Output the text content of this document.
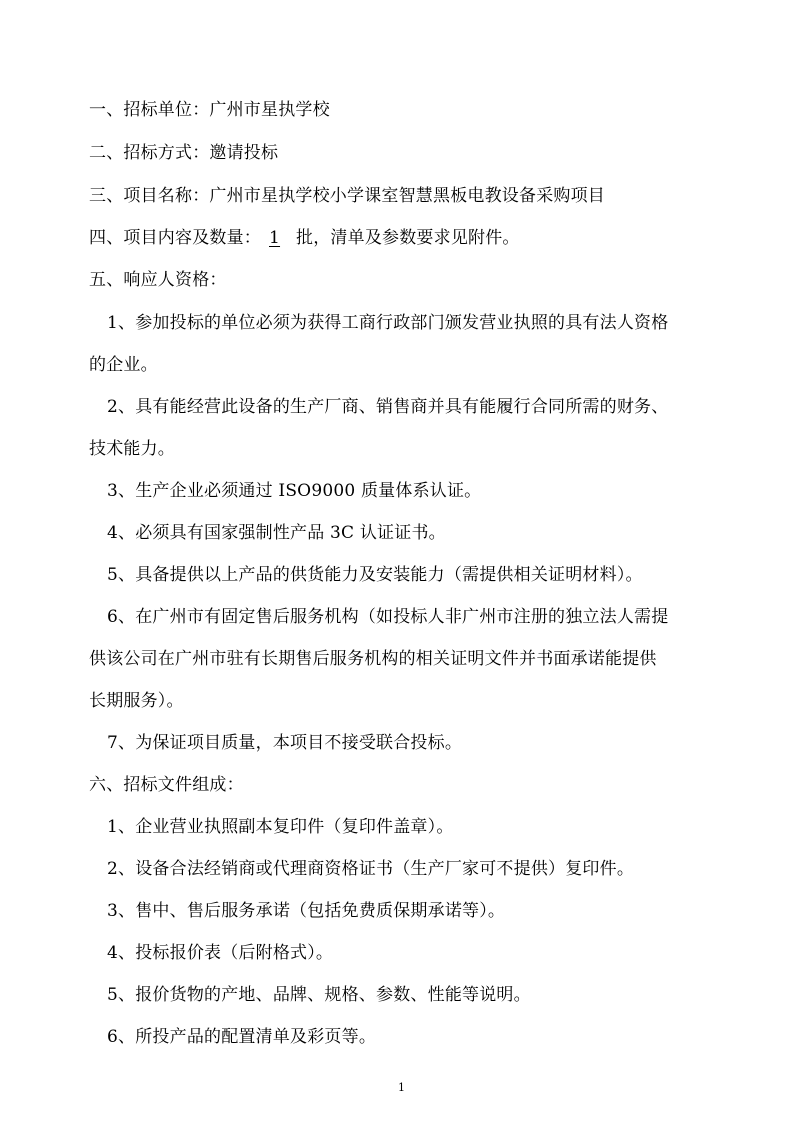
一、招标单位：广州市星执学校
二、招标方式：邀请投标
三、项目名称：广州市星执学校小学课室智慧黑板电教设备采购项目
四、项目内容及数量： 1 批，清单及参数要求见附件。
五、响应人资格：
1、参加投标的单位必须为获得工商行政部门颁发营业执照的具有法人资格
的企业。
2、具有能经营此设备的生产厂商、销售商并具有能履行合同所需的财务、
技术能力。
3、生产企业必须通过 ISO9000 质量体系认证。
4、必须具有国家强制性产品 3C 认证证书。
5、具备提供以上产品的供货能力及安装能力（需提供相关证明材料）。
6、在广州市有固定售后服务机构（如投标人非广州市注册的独立法人需提
供该公司在广州市驻有长期售后服务机构的相关证明文件并书面承诺能提供
长期服务）。
7、为保证项目质量，本项目不接受联合投标。
六、招标文件组成：
1、企业营业执照副本复印件（复印件盖章）。
2、设备合法经销商或代理商资格证书（生产厂家可不提供）复印件。
3、售中、售后服务承诺（包括免费质保期承诺等）。
4、投标报价表（后附格式）。
5、报价货物的产地、品牌、规格、参数、性能等说明。
6、所投产品的配置清单及彩页等。
1
